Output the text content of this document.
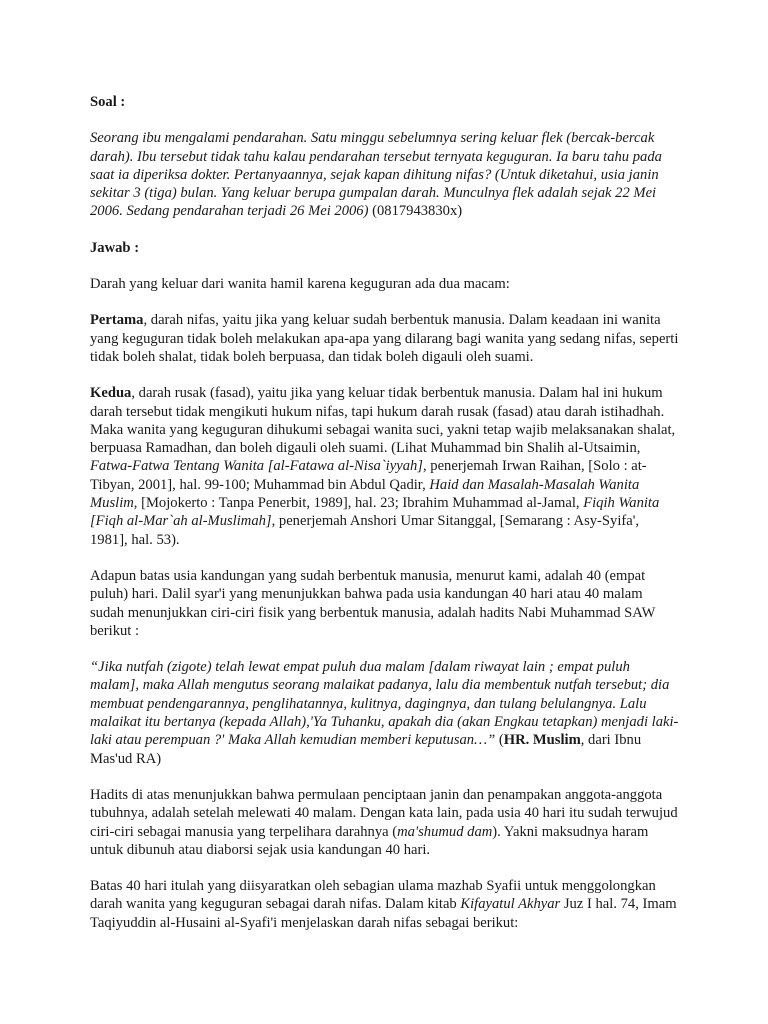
Soal :

Seorang ibu mengalami pendarahan. Satu minggu sebelumnya sering keluar flek (bercak-bercak darah). Ibu tersebut tidak tahu kalau pendarahan tersebut ternyata keguguran. Ia baru tahu pada saat ia diperiksa dokter. Pertanyaannya, sejak kapan dihitung nifas? (Untuk diketahui, usia janin sekitar 3 (tiga) bulan. Yang keluar berupa gumpalan darah. Munculnya flek adalah sejak 22 Mei 2006. Sedang pendarahan terjadi 26 Mei 2006) (0817943830x)

Jawab :

Darah yang keluar dari wanita hamil karena keguguran ada dua macam:

Pertama, darah nifas, yaitu jika yang keluar sudah berbentuk manusia. Dalam keadaan ini wanita yang keguguran tidak boleh melakukan apa-apa yang dilarang bagi wanita yang sedang nifas, seperti tidak boleh shalat, tidak boleh berpuasa, dan tidak boleh digauli oleh suami.

Kedua, darah rusak (fasad), yaitu jika yang keluar tidak berbentuk manusia. Dalam hal ini hukum darah tersebut tidak mengikuti hukum nifas, tapi hukum darah rusak (fasad) atau darah istihadhah. Maka wanita yang keguguran dihukumi sebagai wanita suci, yakni tetap wajib melaksanakan shalat, berpuasa Ramadhan, dan boleh digauli oleh suami. (Lihat Muhammad bin Shalih al-Utsaimin, Fatwa-Fatwa Tentang Wanita [al-Fatawa al-Nisa`iyyah], penerjemah Irwan Raihan, [Solo : at-Tibyan, 2001], hal. 99-100; Muhammad bin Abdul Qadir, Haid dan Masalah-Masalah Wanita Muslim, [Mojokerto : Tanpa Penerbit, 1989], hal. 23; Ibrahim Muhammad al-Jamal, Fiqih Wanita [Fiqh al-Mar`ah al-Muslimah], penerjemah Anshori Umar Sitanggal, [Semarang : Asy-Syifa', 1981], hal. 53).

Adapun batas usia kandungan yang sudah berbentuk manusia, menurut kami, adalah 40 (empat puluh) hari. Dalil syar'i yang menunjukkan bahwa pada usia kandungan 40 hari atau 40 malam sudah menunjukkan ciri-ciri fisik yang berbentuk manusia, adalah hadits Nabi Muhammad SAW berikut :

“Jika nutfah (zigote) telah lewat empat puluh dua malam [dalam riwayat lain ; empat puluh malam], maka Allah mengutus seorang malaikat padanya, lalu dia membentuk nutfah tersebut; dia membuat pendengarannya, penglihatannya, kulitnya, dagingnya, dan tulang belulangnya. Lalu malaikat itu bertanya (kepada Allah),'Ya Tuhanku, apakah dia (akan Engkau tetapkan) menjadi laki-laki atau perempuan ?' Maka Allah kemudian memberi keputusan…” (HR. Muslim, dari Ibnu Mas'ud RA)

Hadits di atas menunjukkan bahwa permulaan penciptaan janin dan penampakan anggota-anggota tubuhnya, adalah setelah melewati 40 malam. Dengan kata lain, pada usia 40 hari itu sudah terwujud ciri-ciri sebagai manusia yang terpelihara darahnya (ma'shumud dam). Yakni maksudnya haram untuk dibunuh atau diaborsi sejak usia kandungan 40 hari.

Batas 40 hari itulah yang diisyaratkan oleh sebagian ulama mazhab Syafii untuk menggolongkan darah wanita yang keguguran sebagai darah nifas. Dalam kitab Kifayatul Akhyar Juz I hal. 74, Imam Taqiyuddin al-Husaini al-Syafi'i menjelaskan darah nifas sebagai berikut:
